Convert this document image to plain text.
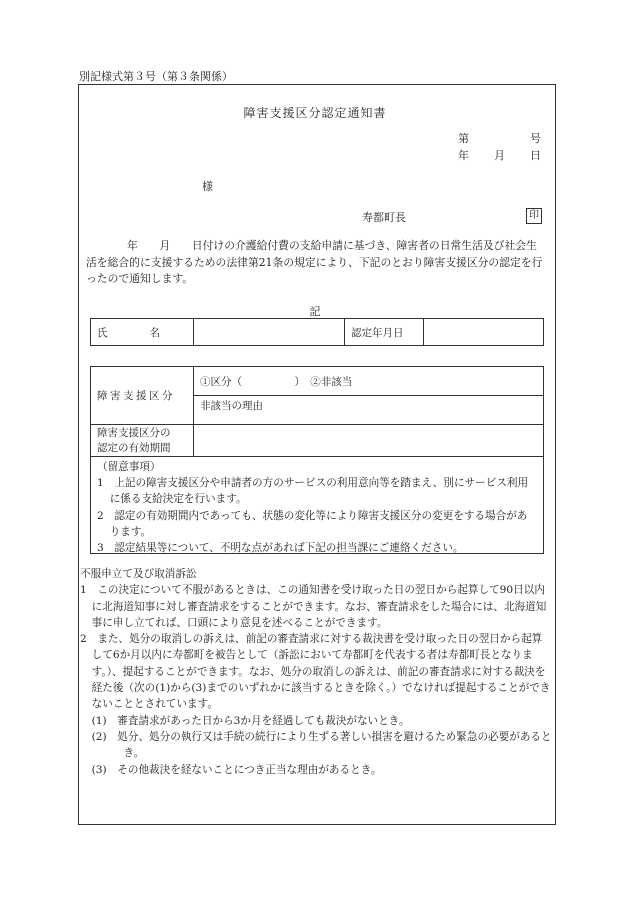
別記様式第３号（第３条関係）
障害支援区分認定通知書
第	号
年 月 日
様
寿都町長	印

　年　　月　　日付けの介護給付費の支給申請に基づき、障害者の日常生活及び社会生活を総合的に支援するための法律第21条の規定により、下記のとおり障害支援区分の認定を行ったので通知します。

記
氏　　　　名		認定年月日	
障害支援区分	①区分（　　　　　）　②非該当
	非該当の理由

障害支援区分の
認定の有効期間	

（留意事項）
1　上記の障害支援区分や申請者の方のサービスの利用意向等を踏まえ、別にサービス利用に係る支給決定を行います。
2　認定の有効期間内であっても、状態の変化等により障害支援区分の変更をする場合があります。
3　認定結果等について、不明な点があれば下記の担当課にご連絡ください。
不服申立て及び取消訴訟
1　この決定について不服があるときは、この通知書を受け取った日の翌日から起算して90日以内に北海道知事に対し審査請求をすることができます。なお、審査請求をした場合には、北海道知事に申し立てれば、口頭により意見を述べることができます。
2　また、処分の取消しの訴えは、前記の審査請求に対する裁決書を受け取った日の翌日から起算して6か月以内に寿都町を被告として（訴訟において寿都町を代表する者は寿都町長となります。）、提起することができます。なお、処分の取消しの訴えは、前記の審査請求に対する裁決を経た後（次の(1)から(3)までのいずれかに該当するときを除く。）でなければ提起することができないこととされています。
(1)　審査請求があった日から3か月を経過しても裁決がないとき。
(2)　処分、処分の執行又は手続の続行により生ずる著しい損害を避けるため緊急の必要があるとき。
(3)　その他裁決を経ないことにつき正当な理由があるとき。
